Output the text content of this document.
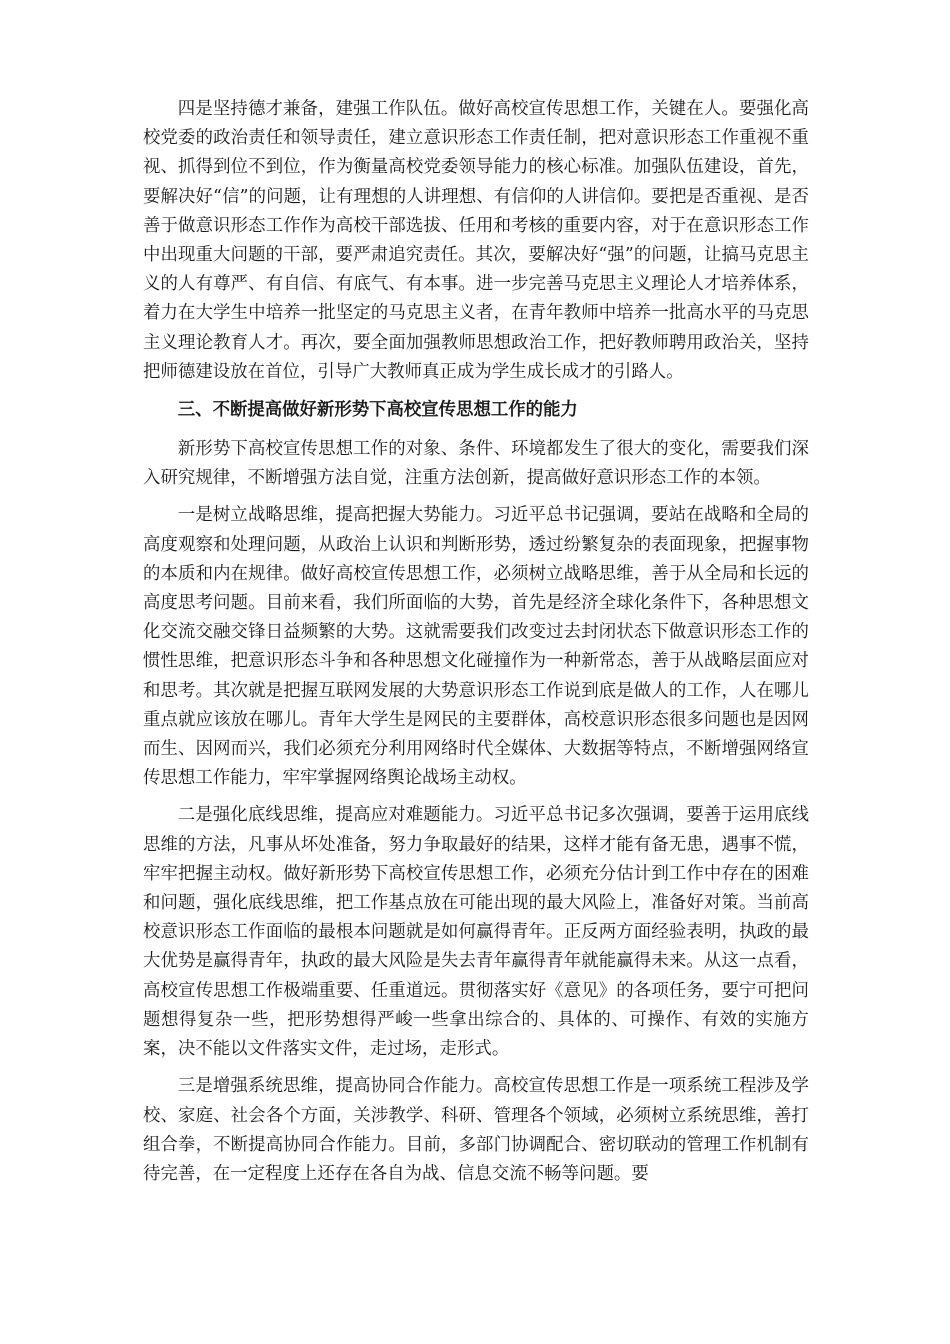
四是坚持德才兼备，建强工作队伍。做好高校宣传思想工作，关键在人。要强化高校党委的政治责任和领导责任，建立意识形态工作责任制，把对意识形态工作重视不重视、抓得到位不到位，作为衡量高校党委领导能力的核心标准。加强队伍建设，首先，要解决好“信”的问题，让有理想的人讲理想、有信仰的人讲信仰。要把是否重视、是否善于做意识形态工作作为高校干部选拔、任用和考核的重要内容，对于在意识形态工作中出现重大问题的干部，要严肃追究责任。其次，要解决好“强”的问题，让搞马克思主义的人有尊严、有自信、有底气、有本事。进一步完善马克思主义理论人才培养体系，着力在大学生中培养一批坚定的马克思主义者，在青年教师中培养一批高水平的马克思主义理论教育人才。再次，要全面加强教师思想政治工作，把好教师聘用政治关，坚持把师德建设放在首位，引导广大教师真正成为学生成长成才的引路人。

三、不断提高做好新形势下高校宣传思想工作的能力

新形势下高校宣传思想工作的对象、条件、环境都发生了很大的变化，需要我们深入研究规律，不断增强方法自觉，注重方法创新，提高做好意识形态工作的本领。

一是树立战略思维，提高把握大势能力。习近平总书记强调，要站在战略和全局的高度观察和处理问题，从政治上认识和判断形势，透过纷繁复杂的表面现象，把握事物的本质和内在规律。做好高校宣传思想工作，必须树立战略思维，善于从全局和长远的高度思考问题。目前来看，我们所面临的大势，首先是经济全球化条件下，各种思想文化交流交融交锋日益频繁的大势。这就需要我们改变过去封闭状态下做意识形态工作的惯性思维，把意识形态斗争和各种思想文化碰撞作为一种新常态，善于从战略层面应对和思考。其次就是把握互联网发展的大势意识形态工作说到底是做人的工作，人在哪儿重点就应该放在哪儿。青年大学生是网民的主要群体，高校意识形态很多问题也是因网而生、因网而兴，我们必须充分利用网络时代全媒体、大数据等特点，不断增强网络宣传思想工作能力，牢牢掌握网络舆论战场主动权。

二是强化底线思维，提高应对难题能力。习近平总书记多次强调，要善于运用底线思维的方法，凡事从坏处准备，努力争取最好的结果，这样才能有备无患，遇事不慌，牢牢把握主动权。做好新形势下高校宣传思想工作，必须充分估计到工作中存在的困难和问题，强化底线思维，把工作基点放在可能出现的最大风险上，准备好对策。当前高校意识形态工作面临的最根本问题就是如何赢得青年。正反两方面经验表明，执政的最大优势是赢得青年，执政的最大风险是失去青年赢得青年就能赢得未来。从这一点看，高校宣传思想工作极端重要、任重道远。贯彻落实好《意见》的各项任务，要宁可把问题想得复杂一些，把形势想得严峻一些拿出综合的、具体的、可操作、有效的实施方案，决不能以文件落实文件，走过场，走形式。

三是增强系统思维，提高协同合作能力。高校宣传思想工作是一项系统工程涉及学校、家庭、社会各个方面，关涉教学、科研、管理各个领域，必须树立系统思维，善打组合拳，不断提高协同合作能力。目前，多部门协调配合、密切联动的管理工作机制有待完善，在一定程度上还存在各自为战、信息交流不畅等问题。要
